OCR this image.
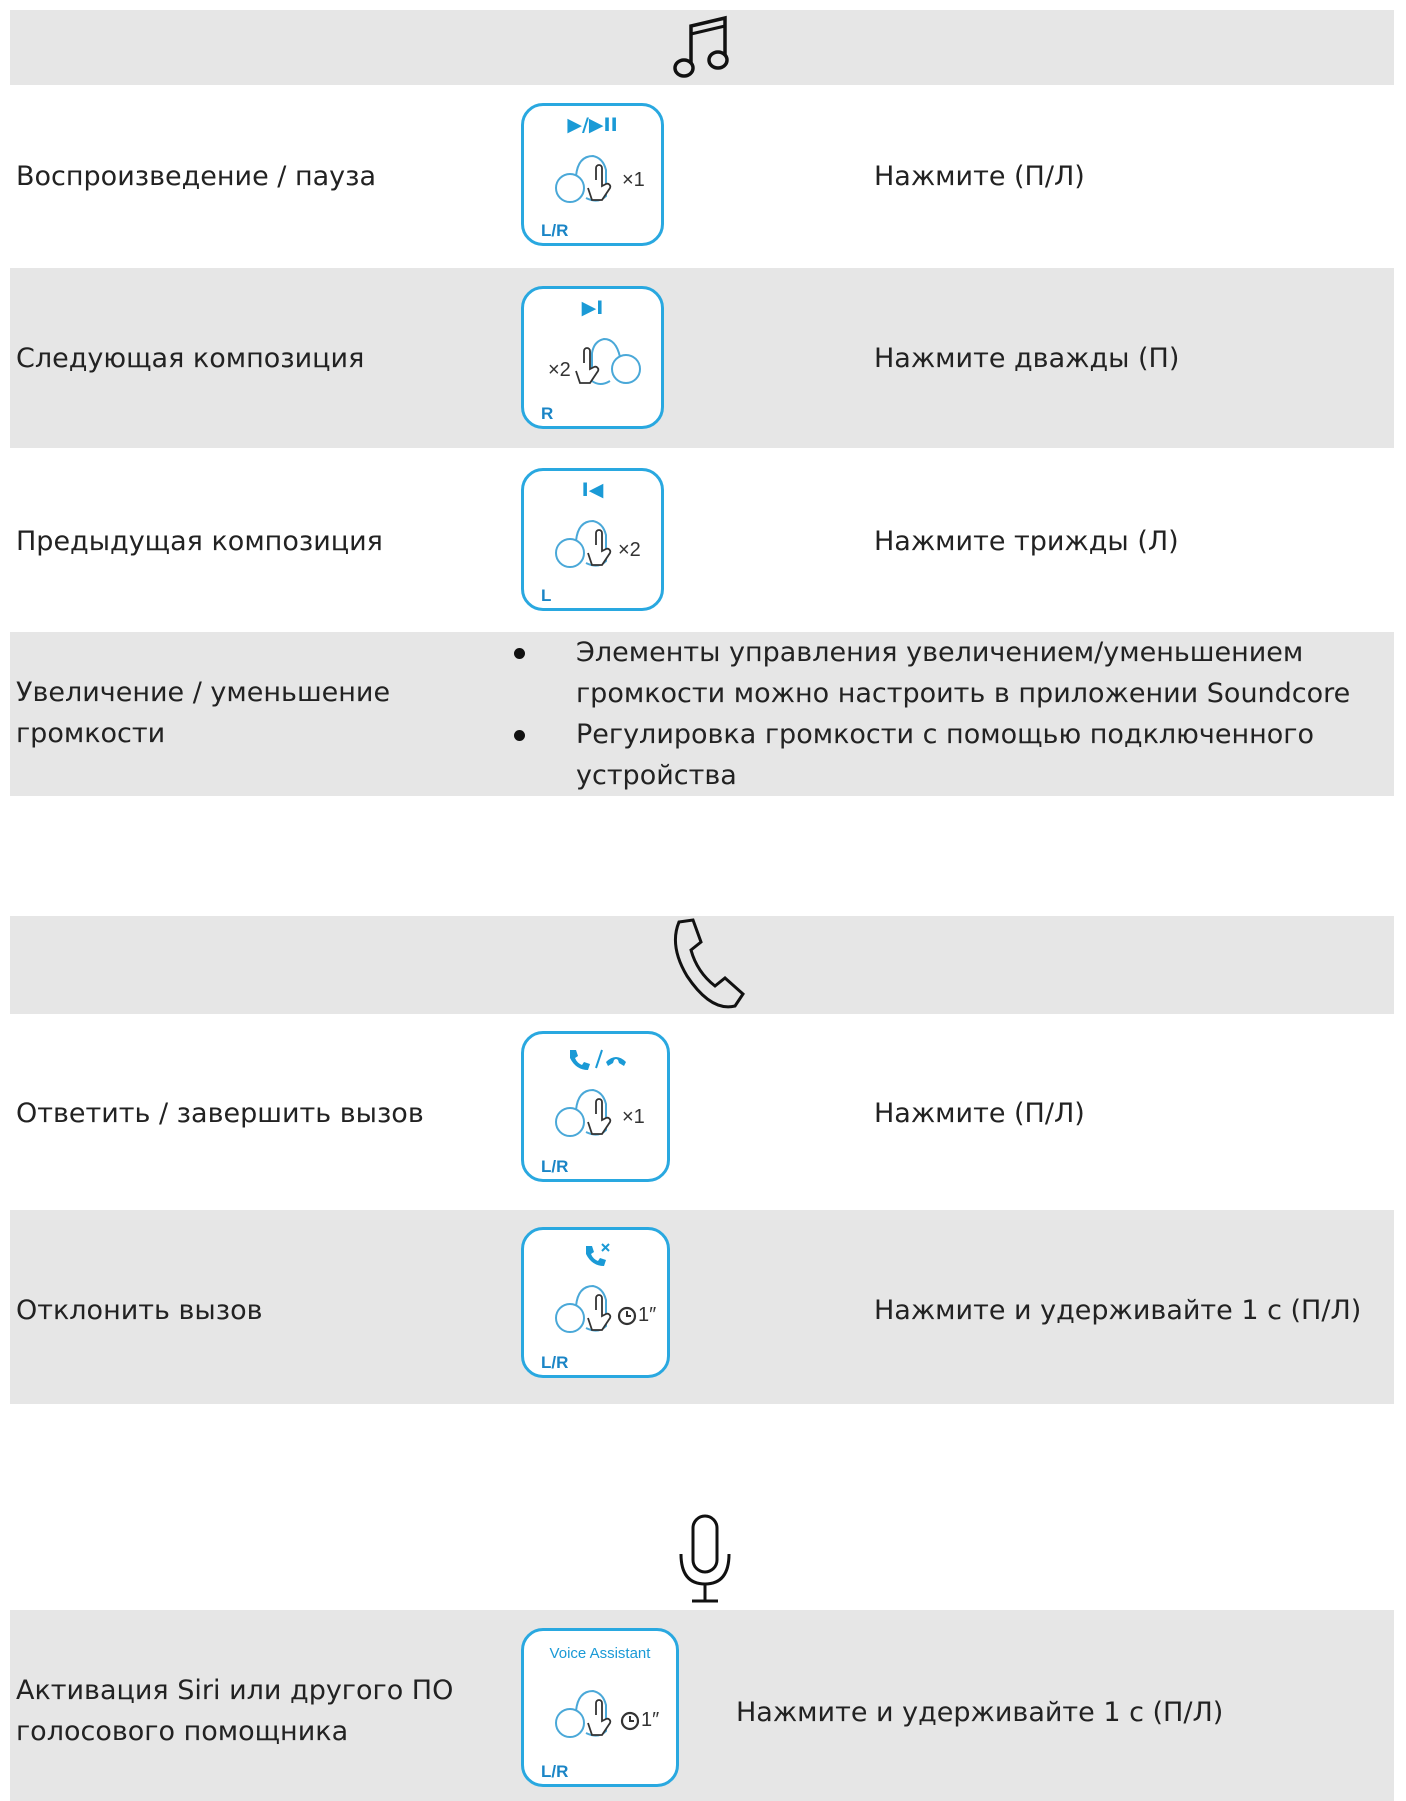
Воспроизведение / пауза
▶/▶II
×1
L/R
Нажмите (П/Л)
Следующая композиция
▶I
×2
R
Нажмите дважды (П)
Предыдущая композиция
I◀
×2
L
Нажмите трижды (Л)
Увеличение / уменьшение
громкости
Элементы управления увеличением/уменьшением громкости можно настроить в приложении Soundcore
Регулировка громкости с помощью подключенного устройства
Ответить / завершить вызов	×1
L/R
Нажмите (П/Л)
Отклонить вызов	1″
L/R
Нажмите и удерживайте 1 с (П/Л)
Активация Siri или другого ПО
голосового помощника
Voice Assistant
1″
L/R
Нажмите и удерживайте 1 с (П/Л)
